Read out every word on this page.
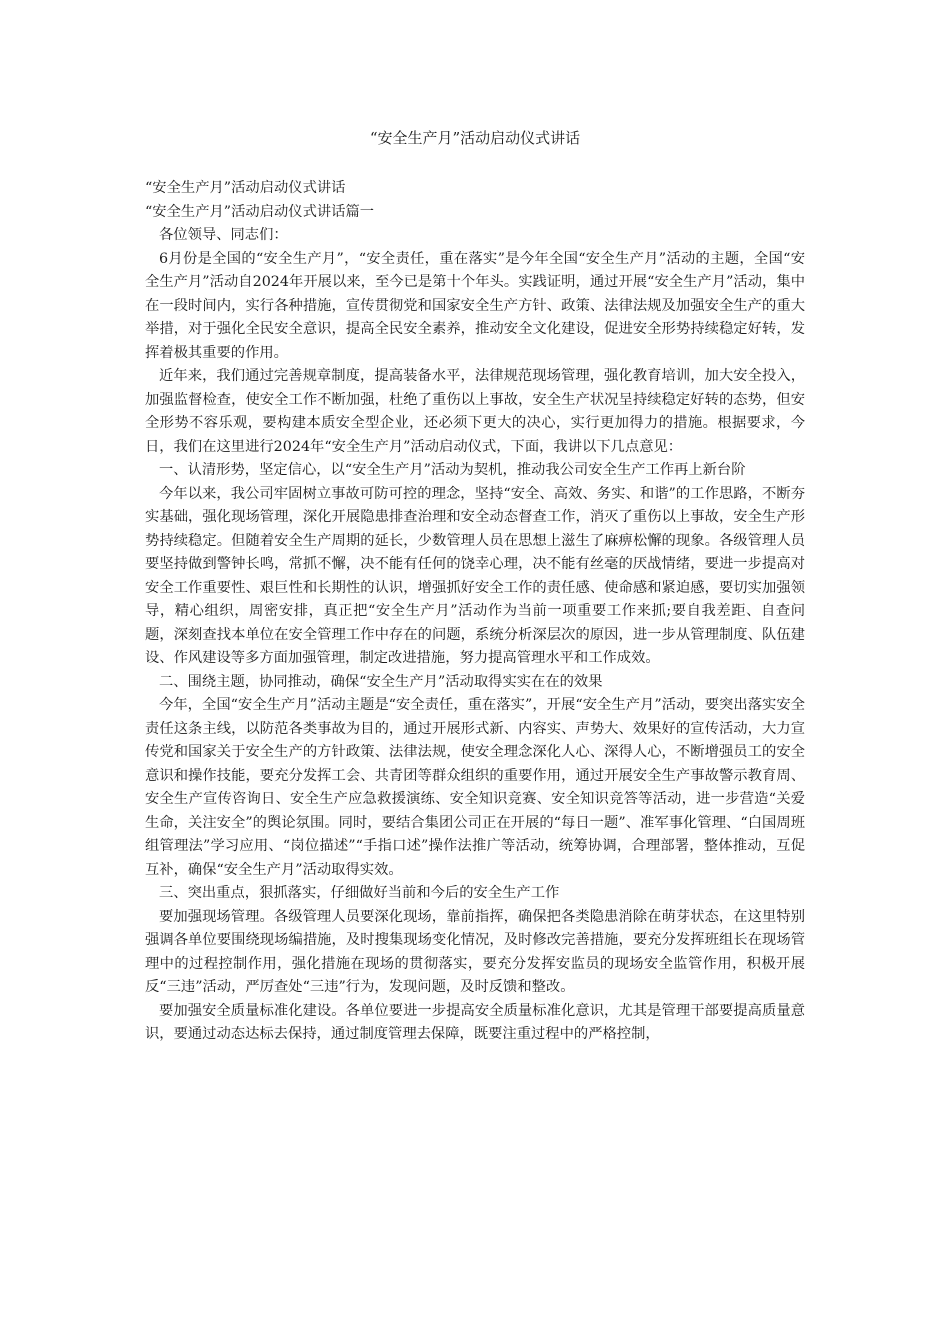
“安全生产月”活动启动仪式讲话

“安全生产月”活动启动仪式讲话

“安全生产月”活动启动仪式讲话篇一

各位领导、同志们：

6月份是全国的“安全生产月”，“安全责任，重在落实”是今年全国“安全生产月”活动的主题，全国“安全生产月”活动自2024年开展以来，至今已是第十个年头。实践证明，通过开展“安全生产月”活动，集中在一段时间内，实行各种措施，宣传贯彻党和国家安全生产方针、政策、法律法规及加强安全生产的重大举措，对于强化全民安全意识，提高全民安全素养，推动安全文化建设，促进安全形势持续稳定好转，发挥着极其重要的作用。

近年来，我们通过完善规章制度，提高装备水平，法律规范现场管理，强化教育培训，加大安全投入，加强监督检查，使安全工作不断加强，杜绝了重伤以上事故，安全生产状况呈持续稳定好转的态势，但安全形势不容乐观，要构建本质安全型企业，还必须下更大的决心，实行更加得力的措施。根据要求，今日，我们在这里进行2024年“安全生产月”活动启动仪式，下面，我讲以下几点意见：

一、认清形势，坚定信心，以“安全生产月”活动为契机，推动我公司安全生产工作再上新台阶

今年以来，我公司牢固树立事故可防可控的理念，坚持“安全、高效、务实、和谐”的工作思路，不断夯实基础，强化现场管理，深化开展隐患排查治理和安全动态督查工作，消灭了重伤以上事故，安全生产形势持续稳定。但随着安全生产周期的延长，少数管理人员在思想上滋生了麻痹松懈的现象。各级管理人员要坚持做到警钟长鸣，常抓不懈，决不能有任何的饶幸心理，决不能有丝毫的厌战情绪，要进一步提高对安全工作重要性、艰巨性和长期性的认识，增强抓好安全工作的责任感、使命感和紧迫感，要切实加强领导，精心组织，周密安排，真正把“安全生产月”活动作为当前一项重要工作来抓;要自我差距、自查问题，深刻查找本单位在安全管理工作中存在的问题，系统分析深层次的原因，进一步从管理制度、队伍建设、作风建设等多方面加强管理，制定改进措施，努力提高管理水平和工作成效。

二、围绕主题，协同推动，确保“安全生产月”活动取得实实在在的效果

今年，全国“安全生产月”活动主题是“安全责任，重在落实”，开展“安全生产月”活动，要突出落实安全责任这条主线，以防范各类事故为目的，通过开展形式新、内容实、声势大、效果好的宣传活动，大力宣传党和国家关于安全生产的方针政策、法律法规，使安全理念深化人心、深得人心，不断增强员工的安全意识和操作技能，要充分发挥工会、共青团等群众组织的重要作用，通过开展安全生产事故警示教育周、安全生产宣传咨询日、安全生产应急救援演练、安全知识竞赛、安全知识竞答等活动，进一步营造“关爱生命，关注安全”的舆论氛围。同时，要结合集团公司正在开展的“每日一题”、准军事化管理、“白国周班组管理法”学习应用、“岗位描述”“手指口述”操作法推广等活动，统筹协调，合理部署，整体推动，互促互补，确保“安全生产月”活动取得实效。

三、突出重点，狠抓落实，仔细做好当前和今后的安全生产工作

要加强现场管理。各级管理人员要深化现场，靠前指挥，确保把各类隐患消除在萌芽状态，在这里特别强调各单位要围绕现场编措施，及时搜集现场变化情况，及时修改完善措施，要充分发挥班组长在现场管理中的过程控制作用，强化措施在现场的贯彻落实，要充分发挥安监员的现场安全监管作用，积极开展反“三违”活动，严厉查处“三违”行为，发现问题，及时反馈和整改。

要加强安全质量标准化建设。各单位要进一步提高安全质量标准化意识，尤其是管理干部要提高质量意识，要通过动态达标去保持，通过制度管理去保障，既要注重过程中的严格控制，
